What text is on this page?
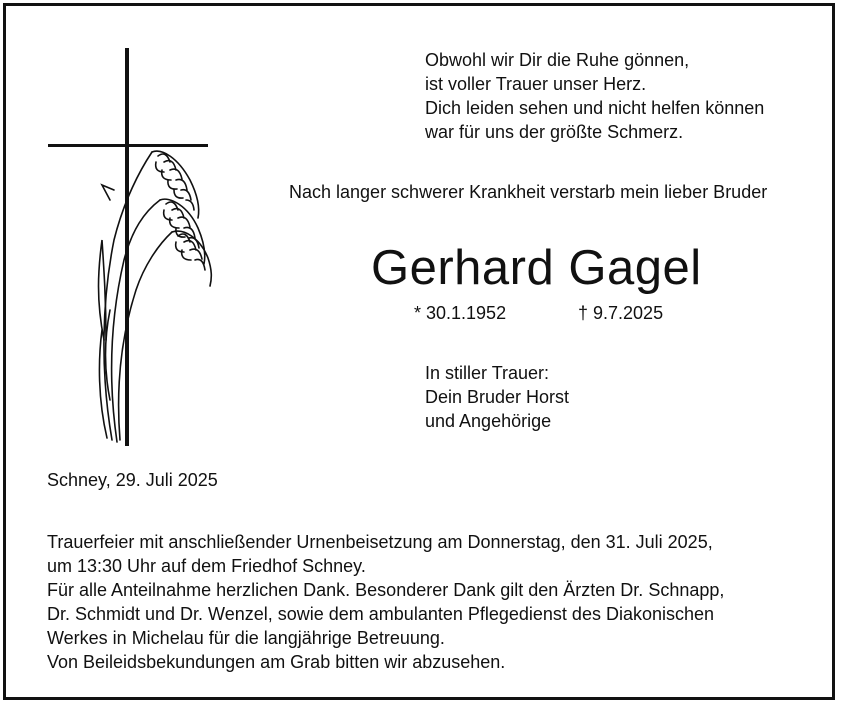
Obwohl wir Dir die Ruhe gönnen,
ist voller Trauer unser Herz.
Dich leiden sehen und nicht helfen können
war für uns der größte Schmerz.
Nach langer schwerer Krankheit verstarb mein lieber Bruder
Gerhard Gagel
* 30.1.1952	† 9.7.2025
In stiller Trauer:
Dein Bruder Horst
und Angehörige
Schney, 29. Juli 2025
Trauerfeier mit anschließender Urnenbeisetzung am Donnerstag, den 31. Juli 2025,
um 13:30 Uhr auf dem Friedhof Schney.
Für alle Anteilnahme herzlichen Dank. Besonderer Dank gilt den Ärzten Dr. Schnapp,
Dr. Schmidt und Dr. Wenzel, sowie dem ambulanten Pflegedienst des Diakonischen
Werkes in Michelau für die langjährige Betreuung.
Von Beileidsbekundungen am Grab bitten wir abzusehen.
